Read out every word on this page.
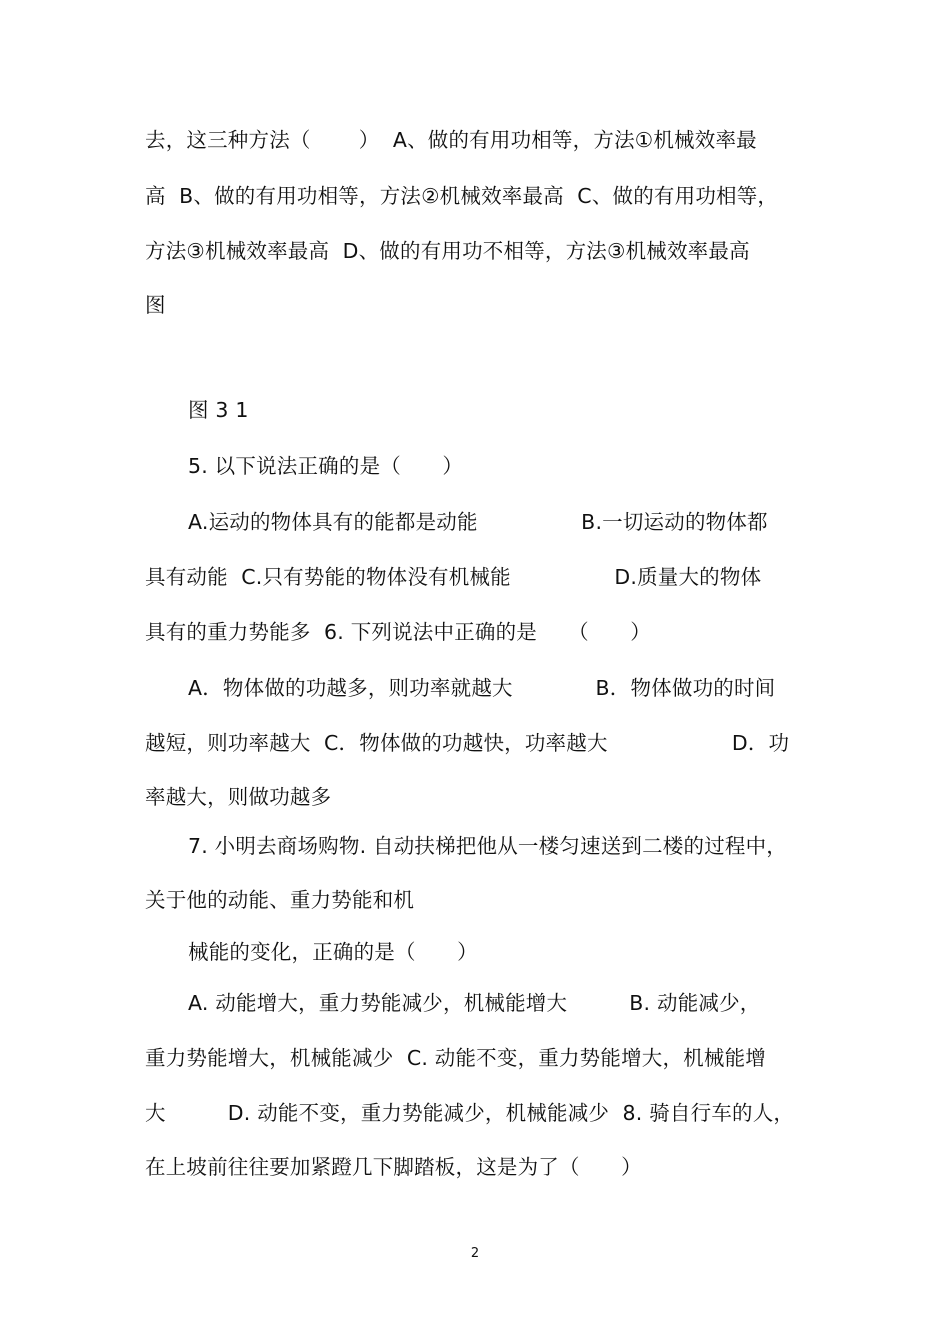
去，这三种方法（　　 ）  A、做的有用功相等，方法①机械效率最
高  B、做的有用功相等，方法②机械效率最高  C、做的有用功相等，
方法③机械效率最高  D、做的有用功不相等，方法③机械效率最高
图
图 3 1
5. 以下说法正确的是（　　）
A.运动的物体具有的能都是动能　　　　　B.一切运动的物体都
具有动能  C.只有势能的物体没有机械能　　　　　D.质量大的物体
具有的重力势能多  6. 下列说法中正确的是　　（　　）
A．物体做的功越多，则功率就越大　　　　B．物体做功的时间
越短，则功率越大  C．物体做的功越快，功率越大　　　　　　D．功
率越大，则做功越多
7. 小明去商场购物. 自动扶梯把他从一楼匀速送到二楼的过程中，
关于他的动能、重力势能和机
械能的变化，正确的是（　　）
A. 动能增大，重力势能减少，机械能增大　　　B. 动能减少，
重力势能增大，机械能减少  C. 动能不变，重力势能增大，机械能增
大　　　D. 动能不变，重力势能减少，机械能减少  8. 骑自行车的人，
在上坡前往往要加紧蹬几下脚踏板，这是为了（　　）
2
